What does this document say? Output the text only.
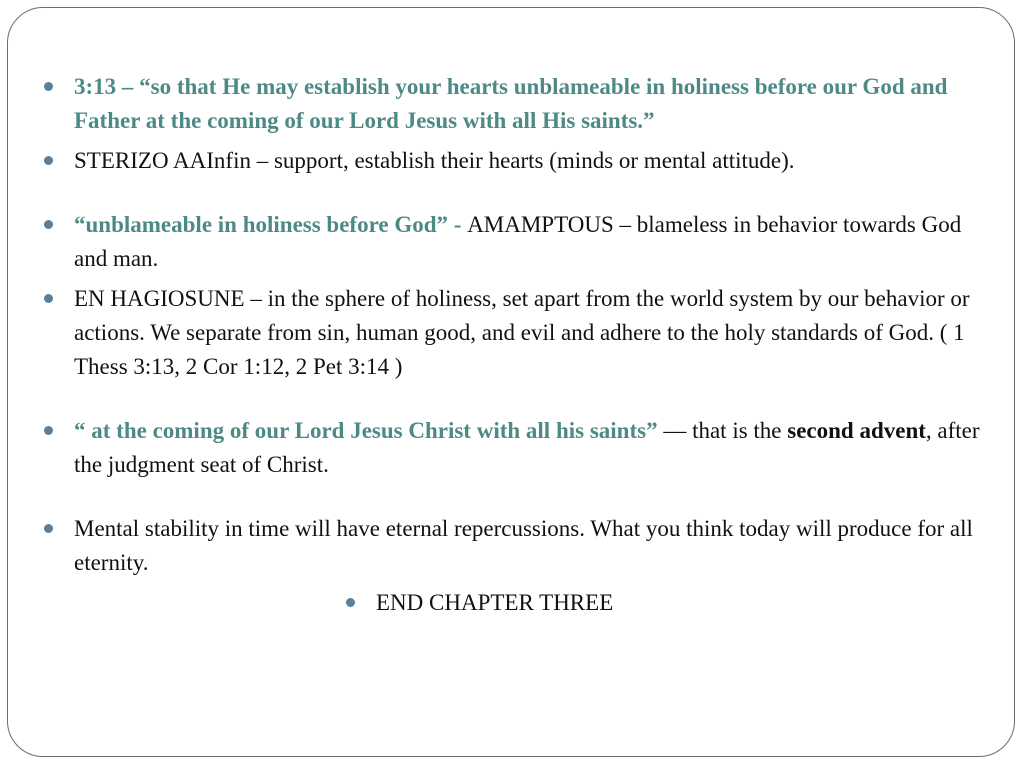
3:13 – “so that He may establish your hearts unblameable in holiness before our God and Father at the coming of our Lord Jesus with all His saints.”
STERIZO AAInfin – support, establish their hearts (minds or mental attitude).
“unblameable in holiness before God” - AMAMPTOUS – blameless in behavior towards God and man.
EN HAGIOSUNE – in the sphere of holiness, set apart from the world system by our behavior or actions. We separate from sin, human good, and evil and adhere to the holy standards of God. ( 1 Thess 3:13, 2 Cor 1:12, 2 Pet 3:14 )
“ at the coming of our Lord Jesus Christ with all his saints” –– that is the second advent, after the judgment seat of Christ.
Mental stability in time will have eternal repercussions. What you think today will produce for all eternity.
END CHAPTER THREE
